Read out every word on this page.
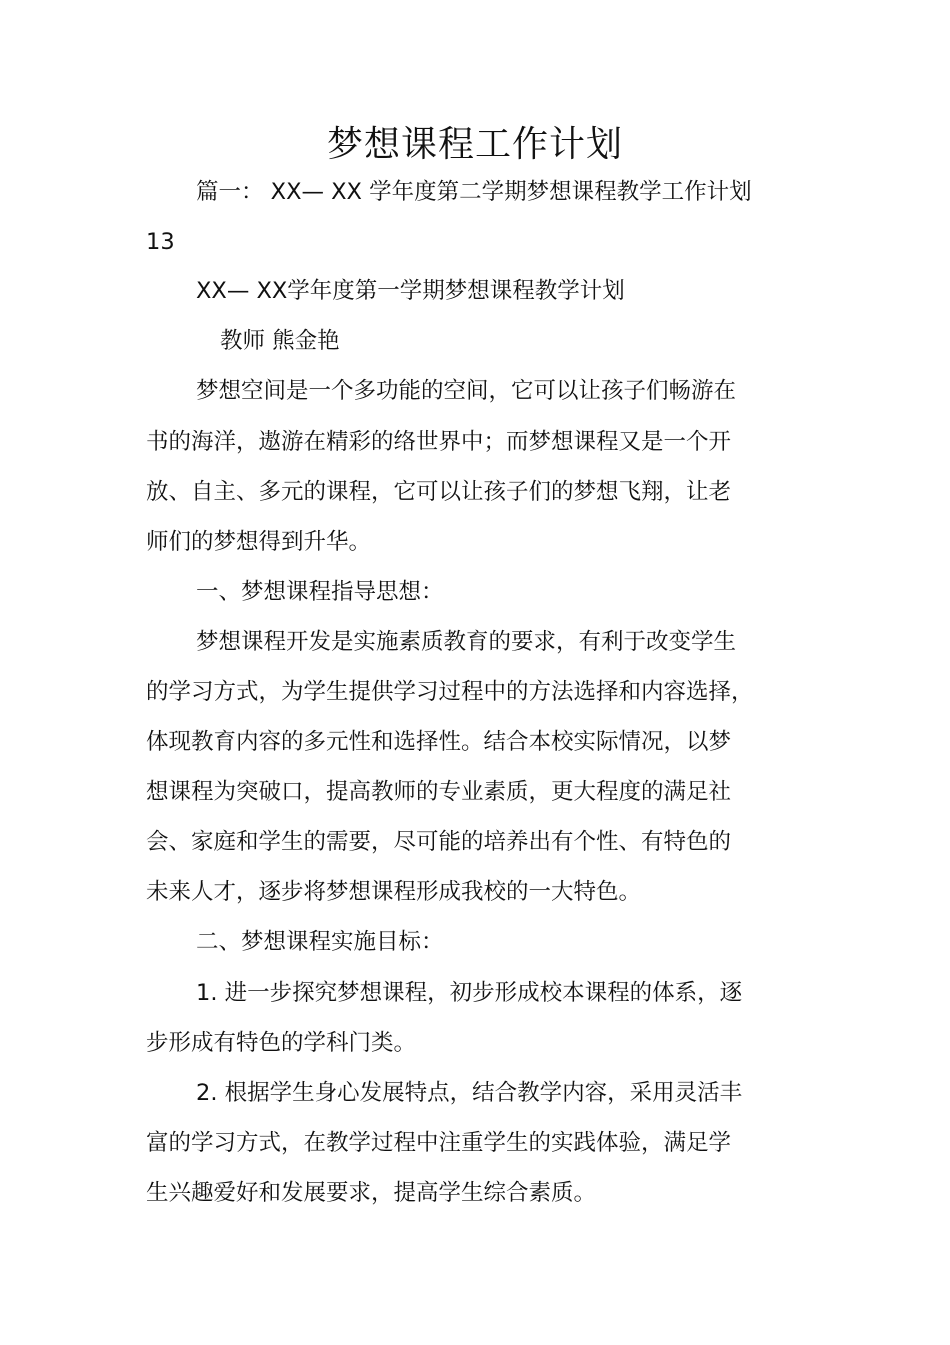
梦想课程工作计划

篇一： XX— XX 学年度第二学期梦想课程教学工作计划

13

XX— XX学年度第一学期梦想课程教学计划

教师 熊金艳

梦想空间是一个多功能的空间，它可以让孩子们畅游在

书的海洋，遨游在精彩的络世界中；而梦想课程又是一个开

放、自主、多元的课程，它可以让孩子们的梦想飞翔，让老

师们的梦想得到升华。

一、梦想课程指导思想：

梦想课程开发是实施素质教育的要求，有利于改变学生

的学习方式，为学生提供学习过程中的方法选择和内容选择，

体现教育内容的多元性和选择性。结合本校实际情况，以梦

想课程为突破口，提高教师的专业素质，更大程度的满足社

会、家庭和学生的需要，尽可能的培养出有个性、有特色的

未来人才，逐步将梦想课程形成我校的一大特色。

二、梦想课程实施目标：

1. 进一步探究梦想课程，初步形成校本课程的体系，逐

步形成有特色的学科门类。

2. 根据学生身心发展特点，结合教学内容，采用灵活丰

富的学习方式，在教学过程中注重学生的实践体验，满足学

生兴趣爱好和发展要求，提高学生综合素质。
